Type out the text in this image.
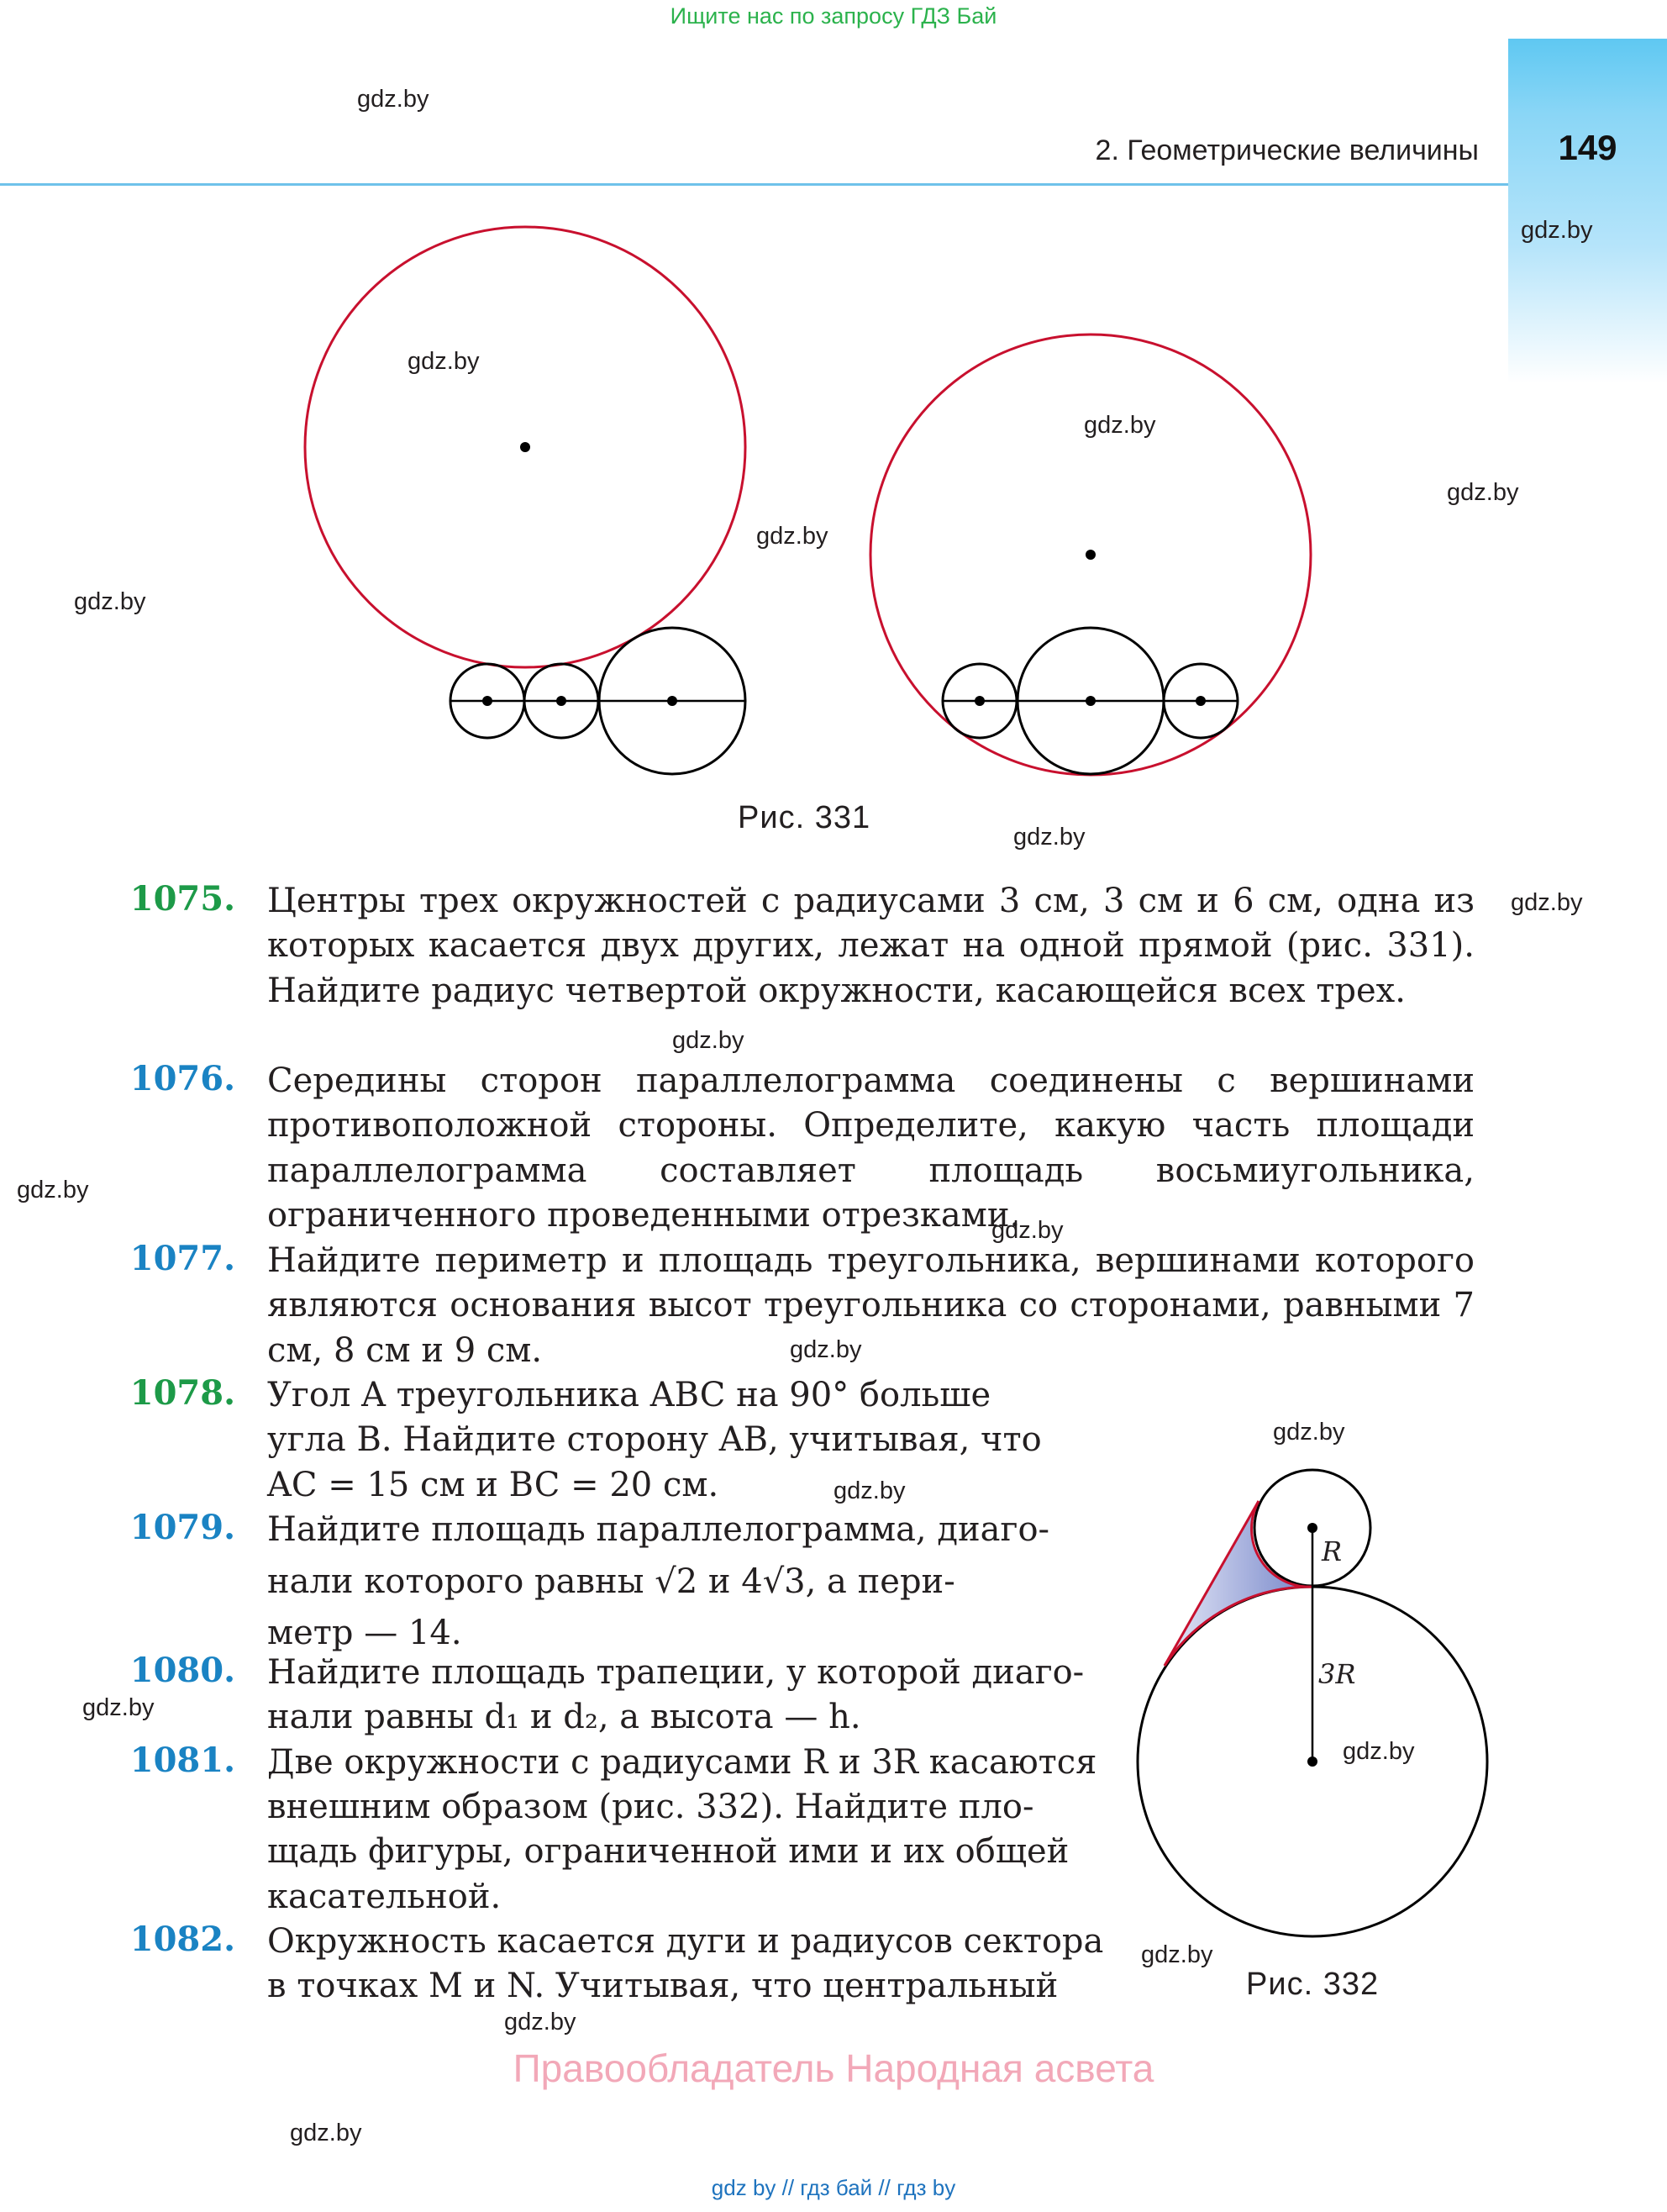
Ищите нас по запросу ГДЗ Бай
2. Геометрические величины	149
R
3R
Рис. 331
Рис. 332
1075. Центры трех окружностей с радиусами 3 см, 3 см и 6 см, одна из которых касается двух других, лежат на одной прямой (рис. 331). Найдите радиус четвертой окружности, касающейся всех трех.
1076. Середины сторон параллелограмма соединены с вершинами противоположной стороны. Определите, какую часть площади параллелограмма составляет площадь восьмиугольника, ограниченного проведенными отрезками.
1077. Найдите периметр и площадь треугольника, вершинами которого являются основания высот треугольника со сторонами, равными 7 см, 8 см и 9 см.
1078. Угол A треугольника ABC на 90° больше
угла B. Найдите сторону AB, учитывая, что
AC = 15 см и BC = 20 см.
1079. Найдите площадь параллелограмма, диаго-
нали которого равны √2 и 4√3, а пери-
метр — 14.
1080. Найдите площадь трапеции, у которой диаго-
нали равны d₁ и d₂, а высота — h.
1081. Две окружности с радиусами R и 3R касаются
внешним образом (рис. 332). Найдите пло-
щадь фигуры, ограниченной ими и их общей
касательной.
1082. Окружность касается дуги и радиусов сектора
в точках M и N. Учитывая, что центральный
gdz.by
gdz.by
gdz.by
gdz.by
gdz.by
gdz.by
gdz.by
gdz.by
gdz.by
gdz.by
gdz.by
gdz.by
gdz.by
gdz.by
gdz.by
gdz.by
gdz.by
gdz.by
gdz.by
gdz.by
Правообладатель Народная асвета
gdz by // гдз бай // гдз by
